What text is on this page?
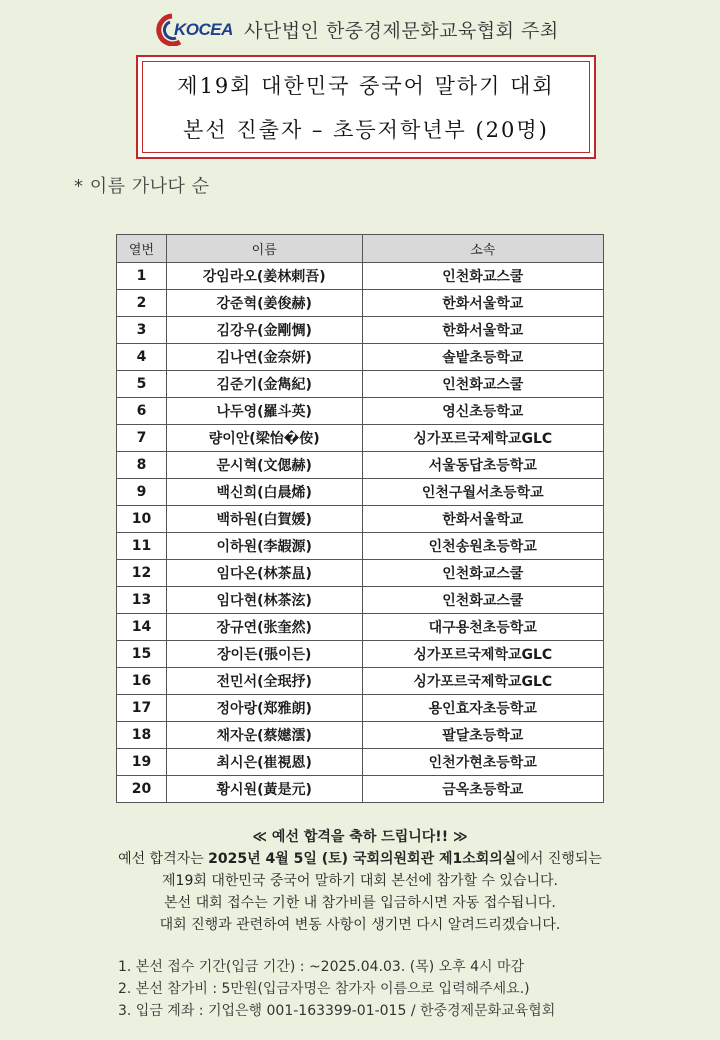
KOCEA 사단법인 한중경제문화교육협회 주최
제19회 대한민국 중국어 말하기 대회
본선 진출자 – 초등저학년부 (20명)
* 이름 가나다 순
열번	이름	소속
1	강임라오(姜林剌吾)	인천화교스쿨
2	강준혁(姜俊赫)	한화서울학교
3	김강우(金剛惆)	한화서울학교
4	김나연(金奈妍)	솔밭초등학교
5	김준기(金雋紀)	인천화교스쿨
6	나두영(羅斗英)	영신초등학교
7	량이안(梁怡�侒)	싱가포르국제학교GLC
8	문시혁(文偲赫)	서울동답초등학교
9	백신희(白晨烯)	인천구월서초등학교
10	백하원(白賀媛)	한화서울학교
11	이하원(李嘏源)	인천송원초등학교
12	임다온(林茶昷)	인천화교스쿨
13	임다현(林茶泫)	인천화교스쿨
14	장규연(张奎然)	대구용천초등학교
15	장이든(張이든)	싱가포르국제학교GLC
16	전민서(全珉抒)	싱가포르국제학교GLC
17	정아랑(郑雅朗)	용인효자초등학교
18	채자운(蔡嬨澐)	팔달초등학교
19	최시은(崔視恩)	인천가현초등학교
20	황시원(黃是元)	금옥초등학교
≪ 예선 합격을 축하 드립니다!! ≫
예선 합격자는 2025년 4월 5일 (토) 국회의원회관 제1소회의실에서 진행되는
제19회 대한민국 중국어 말하기 대회 본선에 참가할 수 있습니다.
본선 대회 접수는 기한 내 참가비를 입금하시면 자동 접수됩니다.
대회 진행과 관련하여 변동 사항이 생기면 다시 알려드리겠습니다.
1. 본선 접수 기간(입금 기간) : ~2025.04.03. (목) 오후 4시 마감
2. 본선 참가비 : 5만원(입금자명은 참가자 이름으로 입력해주세요.)
3. 입금 계좌 : 기업은행 001-163399-01-015 / 한중경제문화교육협회
